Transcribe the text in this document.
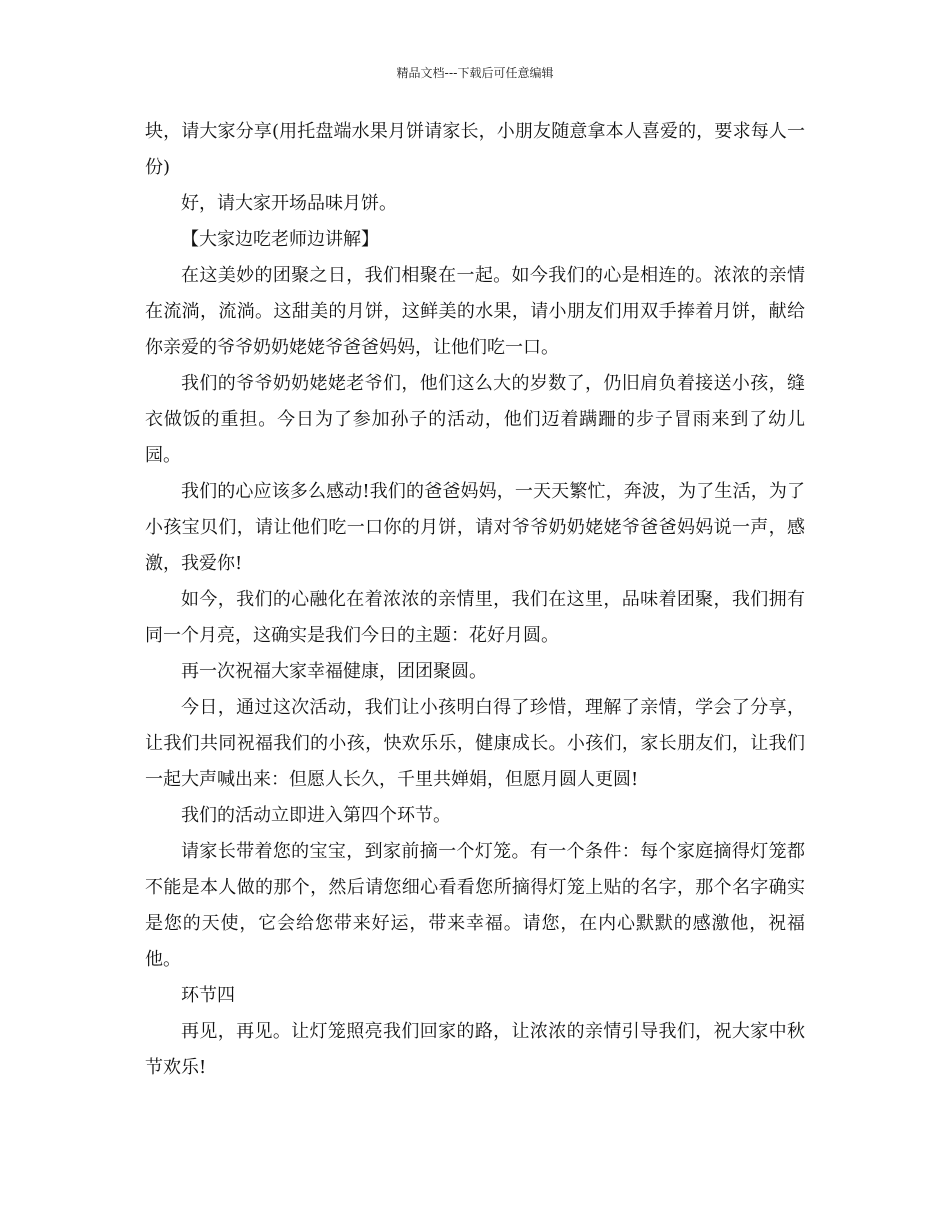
精品文档---下载后可任意编辑

块，请大家分享(用托盘端水果月饼请家长，小朋友随意拿本人喜爱的，要求每人一份)

好，请大家开场品味月饼。

【大家边吃老师边讲解】

在这美妙的团聚之日，我们相聚在一起。如今我们的心是相连的。浓浓的亲情在流淌，流淌。这甜美的月饼，这鲜美的水果，请小朋友们用双手捧着月饼，献给你亲爱的爷爷奶奶姥姥爷爸爸妈妈，让他们吃一口。

我们的爷爷奶奶姥姥老爷们，他们这么大的岁数了，仍旧肩负着接送小孩，缝衣做饭的重担。今日为了参加孙子的活动，他们迈着蹒跚的步子冒雨来到了幼儿园。

我们的心应该多么感动!我们的爸爸妈妈，一天天繁忙，奔波，为了生活，为了小孩宝贝们，请让他们吃一口你的月饼，请对爷爷奶奶姥姥爷爸爸妈妈说一声，感激，我爱你!

如今，我们的心融化在着浓浓的亲情里，我们在这里，品味着团聚，我们拥有同一个月亮，这确实是我们今日的主题：花好月圆。

再一次祝福大家幸福健康，团团聚圆。

今日，通过这次活动，我们让小孩明白得了珍惜，理解了亲情，学会了分享，让我们共同祝福我们的小孩，快欢乐乐，健康成长。小孩们，家长朋友们，让我们一起大声喊出来：但愿人长久，千里共婵娟，但愿月圆人更圆!

我们的活动立即进入第四个环节。

请家长带着您的宝宝，到家前摘一个灯笼。有一个条件：每个家庭摘得灯笼都不能是本人做的那个，然后请您细心看看您所摘得灯笼上贴的名字，那个名字确实是您的天使，它会给您带来好运，带来幸福。请您，在内心默默的感激他，祝福他。

环节四

再见，再见。让灯笼照亮我们回家的路，让浓浓的亲情引导我们，祝大家中秋节欢乐!
